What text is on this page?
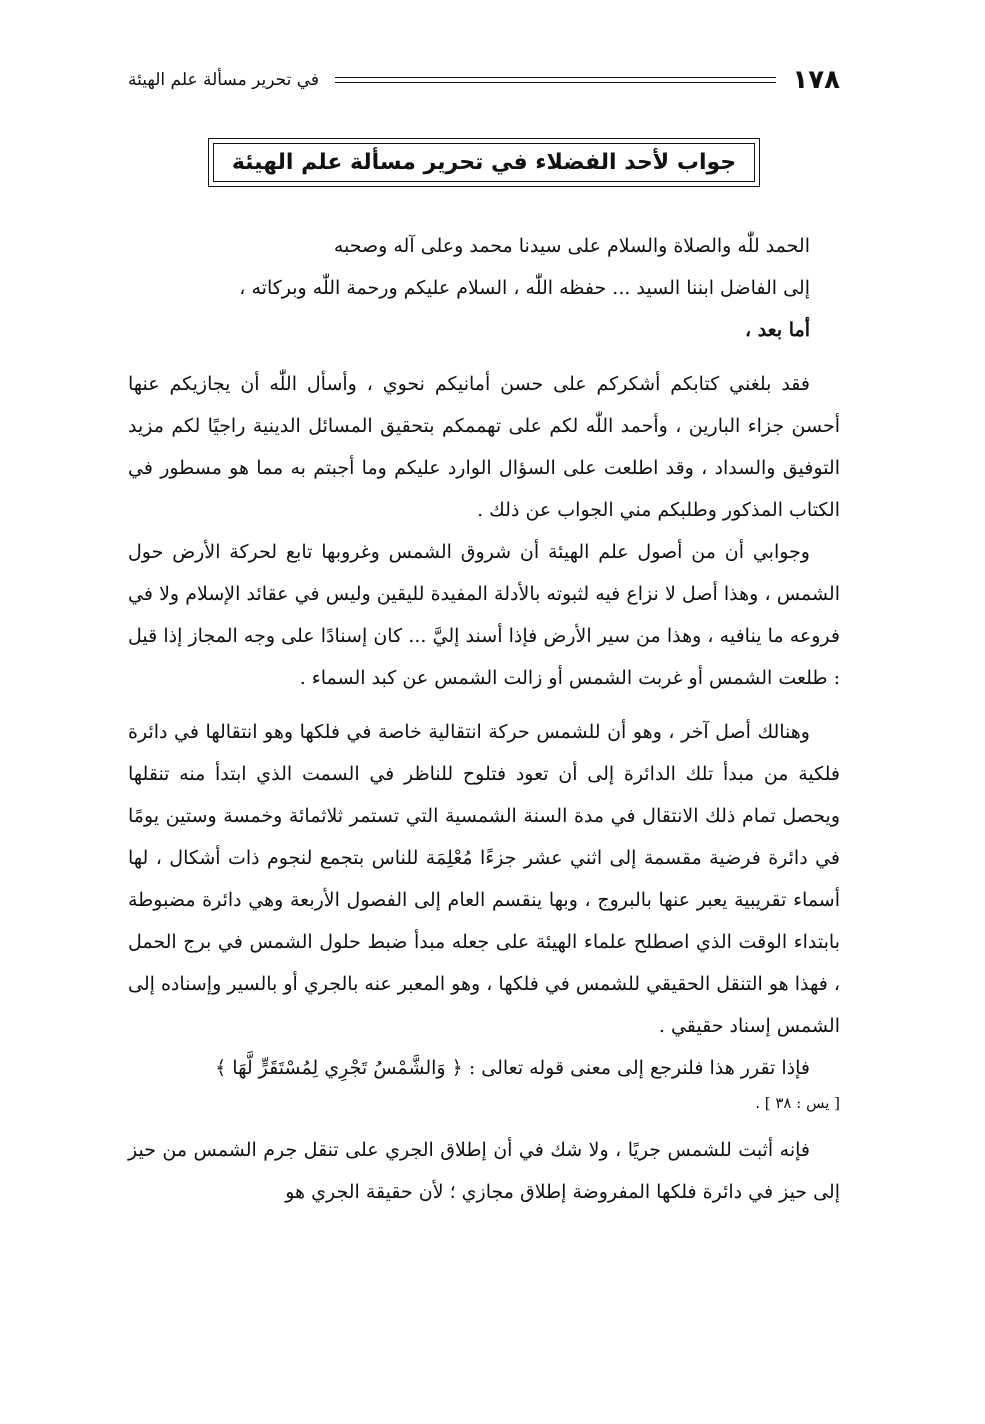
١٧٨
في تحرير مسألة علم الهيئة
جواب لأحد الفضلاء في تحرير مسألة علم الهيئة

الحمد للّٰه والصلاة والسلام على سيدنا محمد وعلى آله وصحبه

إلى الفاضل ابننا السيد ... حفظه اللّٰه ، السلام عليكم ورحمة اللّٰه وبركاته ،

أما بعد ،

فقد بلغني كتابكم أشكركم على حسن أمانيكم نحوي ، وأسأل اللّٰه أن يجازيكم عنها أحسن جزاء البارين ، وأحمد اللّٰه لكم على تهممكم بتحقيق المسائل الدينية راجيًا لكم مزيد التوفيق والسداد ، وقد اطلعت على السؤال الوارد عليكم وما أجبتم به مما هو مسطور في الكتاب المذكور وطلبكم مني الجواب عن ذلك .

وجوابي أن من أصول علم الهيئة أن شروق الشمس وغروبها تابع لحركة الأرض حول الشمس ، وهذا أصل لا نزاع فيه لثبوته بالأدلة المفيدة لليقين وليس في عقائد الإسلام ولا في فروعه ما ينافيه ، وهذا من سير الأرض فإذا أسند إليَّ ... كان إسنادًا على وجه المجاز إذا قيل : طلعت الشمس أو غربت الشمس أو زالت الشمس عن كبد السماء .

وهنالك أصل آخر ، وهو أن للشمس حركة انتقالية خاصة في فلكها وهو انتقالها في دائرة فلكية من مبدأ تلك الدائرة إلى أن تعود فتلوح للناظر في السمت الذي ابتدأ منه تنقلها ويحصل تمام ذلك الانتقال في مدة السنة الشمسية التي تستمر ثلاثمائة وخمسة وستين يومًا في دائرة فرضية مقسمة إلى اثني عشر جزءًا مُعْلِمَة للناس بتجمع لنجوم ذات أشكال ، لها أسماء تقريبية يعبر عنها بالبروج ، وبها ينقسم العام إلى الفصول الأربعة وهي دائرة مضبوطة بابتداء الوقت الذي اصطلح علماء الهيئة على جعله مبدأ ضبط حلول الشمس في برج الحمل ، فهذا هو التنقل الحقيقي للشمس في فلكها ، وهو المعبر عنه بالجري أو بالسير وإسناده إلى الشمس إسناد حقيقي .

فإذا تقرر هذا فلنرجع إلى معنى قوله تعالى : ﴿ وَالشَّمْسُ تَجْرِي لِمُسْتَقَرٍّ لَّهَا ﴾

[ يس : ٣٨ ] .

فإنه أثبت للشمس جريًا ، ولا شك في أن إطلاق الجري على تنقل جرم الشمس من حيز إلى حيز في دائرة فلكها المفروضة إطلاق مجازي ؛ لأن حقيقة الجري هو
